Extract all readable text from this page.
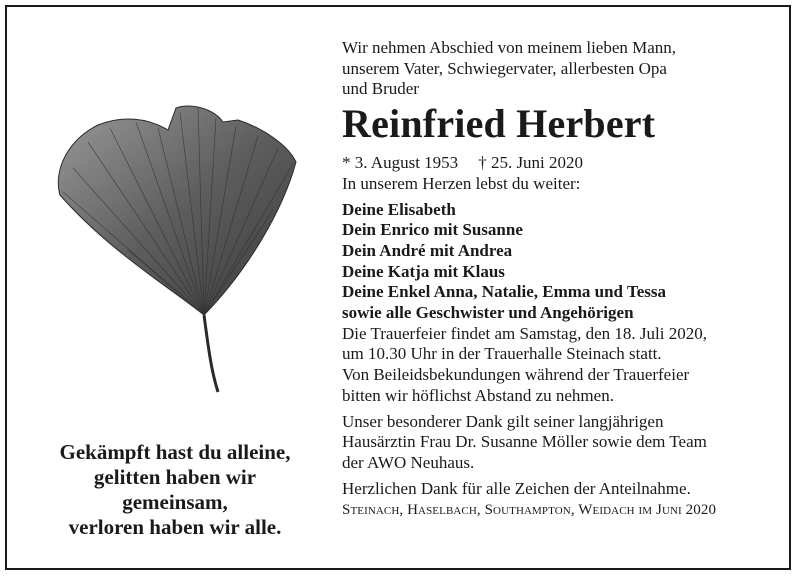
Gekämpft hast du alleine,
gelitten haben wir
gemeinsam,
verloren haben wir alle.
Wir nehmen Abschied von meinem lieben Mann,
unserem Vater, Schwiegervater, allerbesten Opa
und Bruder
Reinfried Herbert
* 3. August 1953 † 25. Juni 2020
In unserem Herzen lebst du weiter:
Deine Elisabeth
Dein Enrico mit Susanne
Dein André mit Andrea
Deine Katja mit Klaus
Deine Enkel Anna, Natalie, Emma und Tessa
sowie alle Geschwister und Angehörigen
Die Trauerfeier findet am Samstag, den 18. Juli 2020,
um 10.30 Uhr in der Trauerhalle Steinach statt.
Von Beileidsbekundungen während der Trauerfeier
bitten wir höflichst Abstand zu nehmen.
Unser besonderer Dank gilt seiner langjährigen
Hausärztin Frau Dr. Susanne Möller sowie dem Team
der AWO Neuhaus.
Herzlichen Dank für alle Zeichen der Anteilnahme.
Steinach, Haselbach, Southampton, Weidach im Juni 2020
